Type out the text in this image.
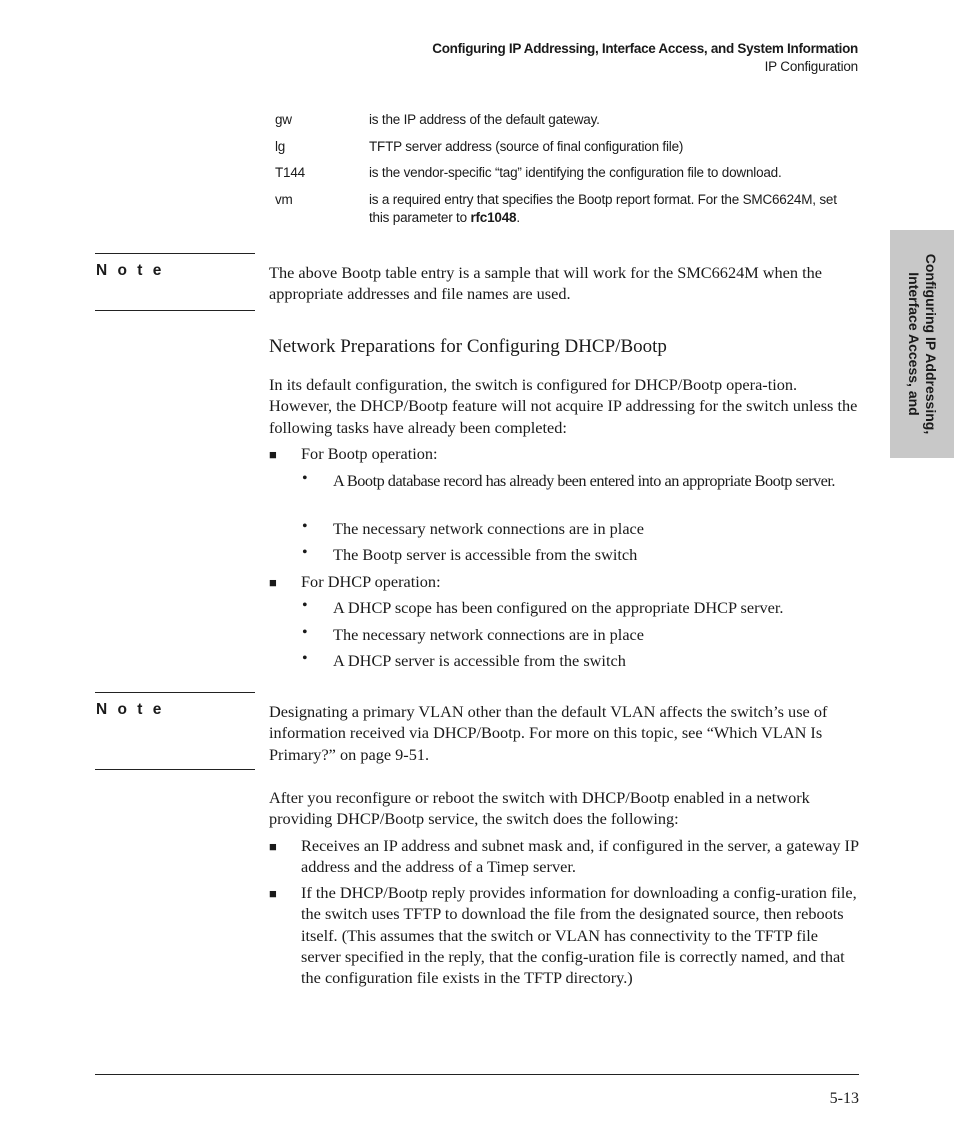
Configuring IP Addressing, Interface Access, and System Information
IP Configuration
gw	is the IP address of the default gateway.
lg	TFTP server address (source of final configuration file)
T144	is the vendor-specific “tag” identifying the configuration file to download.
vm	is a required entry that specifies the Bootp report format. For the SMC6624M, set this parameter to rfc1048.
N o t e	The above Bootp table entry is a sample that will work for the SMC6624M when the appropriate addresses and file names are used.
Network Preparations for Configuring DHCP/Bootp
In its default configuration, the switch is configured for DHCP/Bootp opera-tion. However, the DHCP/Bootp feature will not acquire IP addressing for the switch unless the following tasks have already been completed:
■ For Bootp operation:
• A Bootp database record has already been entered into an appropriate Bootp server.
• The necessary network connections are in place
• The Bootp server is accessible from the switch
■ For DHCP operation:
• A DHCP scope has been configured on the appropriate DHCP server.
• The necessary network connections are in place
• A DHCP server is accessible from the switch
N o t e	Designating a primary VLAN other than the default VLAN affects the switch’s use of information received via DHCP/Bootp. For more on this topic, see “Which VLAN Is Primary?” on page 9-51.
After you reconfigure or reboot the switch with DHCP/Bootp enabled in a network providing DHCP/Bootp service, the switch does the following:
■ Receives an IP address and subnet mask and, if configured in the server, a gateway IP address and the address of a Timep server.
■ If the DHCP/Bootp reply provides information for downloading a config-uration file, the switch uses TFTP to download the file from the designated source, then reboots itself. (This assumes that the switch or VLAN has connectivity to the TFTP file server specified in the reply, that the config-uration file is correctly named, and that the configuration file exists in the TFTP directory.)
Configuring IP Addressing,
Interface Access, and
5-13
